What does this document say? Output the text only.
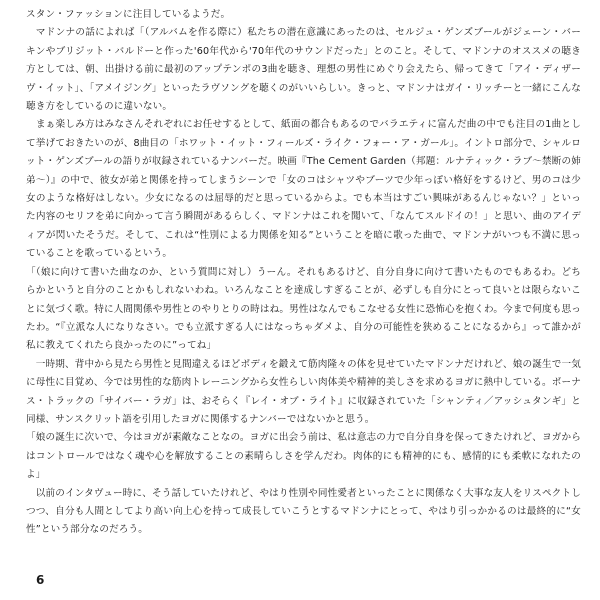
スタン・ファッションに注目しているようだ。

　マドンナの話によれば「（アルバムを作る際に）私たちの潜在意識にあったのは、セルジュ・ゲンズブールがジェーン・バーキンやブリジット・バルドーと作った'60年代から'70年代のサウンドだった」とのこと。そして、マドンナのオススメの聴き方としては、朝、出掛ける前に最初のアップテンポの3曲を聴き、理想の男性にめぐり会えたら、帰ってきて「アイ・ディザーヴ・イット」、「アメイジング」といったラヴソングを聴くのがいいらしい。きっと、マドンナはガイ・リッチーと一緒にこんな聴き方をしているのに違いない。

　まぁ楽しみ方はみなさんそれぞれにお任せするとして、紙面の都合もあるのでバラエティに富んだ曲の中でも注目の1曲として挙げておきたいのが、8曲目の「ホワット・イット・フィールズ・ライク・フォー・ア・ガール」。イントロ部分で、シャルロット・ゲンズブールの語りが収録されているナンバーだ。映画『The Cement Garden（邦題：ルナティック・ラブ〜禁断の姉弟〜）』の中で、彼女が弟と関係を持ってしまうシーンで「女のコはシャツやブーツで少年っぽい格好をするけど、男のコは少女のような格好はしない。少女になるのは屈辱的だと思っているからよ。でも本当はすごい興味があるんじゃない？」といった内容のセリフを弟に向かって言う瞬間があるらしく、マドンナはこれを聞いて、「なんてスルドイの！」と思い、曲のアイディアが閃いたそうだ。そして、これは“性別による力関係を知る”ということを暗に歌った曲で、マドンナがいつも不満に思っていることを歌っているという。

「（娘に向けて書いた曲なのか、という質問に対し）うーん。それもあるけど、自分自身に向けて書いたものでもあるわ。どちらかというと自分のことかもしれないわね。いろんなことを達成しすぎることが、必ずしも自分にとって良いとは限らないことに気づく歌。特に人間関係や男性とのやりとりの時はね。男性はなんでもこなせる女性に恐怖心を抱くわ。今まで何度も思ったわ。“『立派な人になりなさい。でも立派すぎる人にはなっちゃダメよ、自分の可能性を狭めることになるから』って誰かが私に教えてくれたら良かったのに”ってね」

　一時期、背中から見たら男性と見間違えるほどボディを鍛えて筋肉隆々の体を見せていたマドンナだけれど、娘の誕生で一気に母性に目覚め、今では男性的な筋肉トレーニングから女性らしい肉体美や精神的美しさを求めるヨガに熱中している。ボーナス・トラックの「サイバー・ラガ」は、おそらく『レイ・オブ・ライト』に収録されていた「シャンティ／アッシュタンギ」と同様、サンスクリット語を引用したヨガに関係するナンバーではないかと思う。

「娘の誕生に次いで、今はヨガが素敵なことなの。ヨガに出会う前は、私は意志の力で自分自身を保ってきたけれど、ヨガからはコントロールではなく魂や心を解放することの素晴らしさを学んだわ。肉体的にも精神的にも、感情的にも柔軟になれたのよ」

　以前のインタヴュー時に、そう話していたけれど、やはり性別や同性愛者といったことに関係なく大事な友人をリスペクトしつつ、自分も人間としてより高い向上心を持って成長していこうとするマドンナにとって、やはり引っかかるのは最終的に“女性”という部分なのだろう。

6
